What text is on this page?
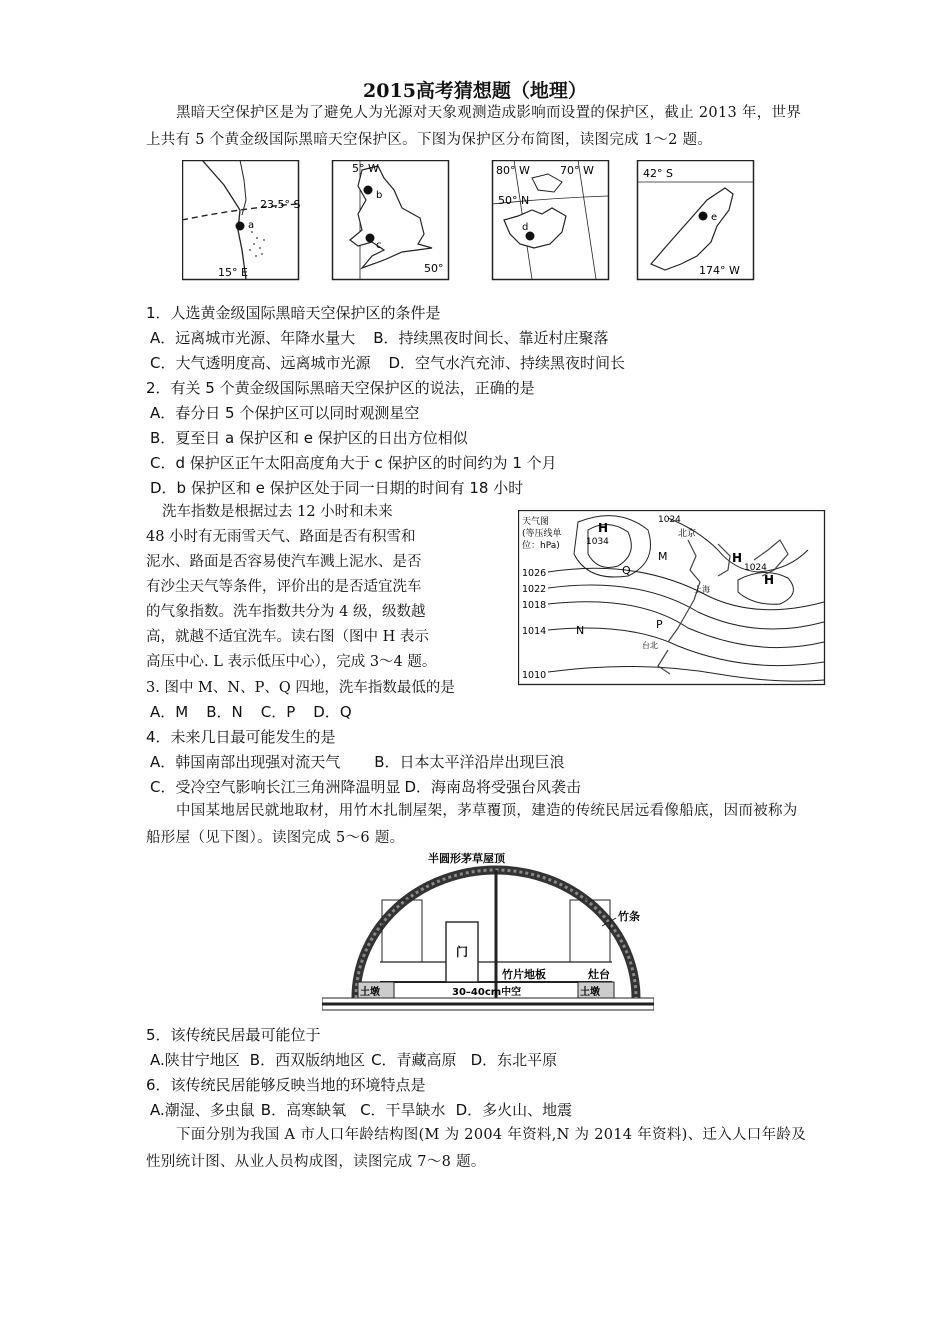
2015高考猜想题（地理）
黑暗天空保护区是为了避免人为光源对天象观测造成影响而设置的保护区，截止 2013 年，世界上共有 5 个黄金级国际黑暗天空保护区。下图为保护区分布简图，读图完成 1～2 题。
23.5° S
a
15° E
5° W
b
c
50°
80° W	70° W
50° N
d
42° S
e
174° W
1．人选黄金级国际黑暗天空保护区的条件是
A．远离城市光源、年降水量大 B．持续黑夜时间长、靠近村庄聚落
C．大气透明度高、远离城市光源 D．空气水汽充沛、持续黑夜时间长
2．有关 5 个黄金级国际黑暗天空保护区的说法，正确的是
A．春分日 5 个保护区可以同时观测星空
B．夏至日 a 保护区和 e 保护区的日出方位相似
C．d 保护区正午太阳高度角大于 c 保护区的时间约为 1 个月
D．b 保护区和 e 保护区处于同一日期的时间有 18 小时
洗车指数是根据过去 12 小时和未来
48 小时有无雨雪天气、路面是否有积雪和
泥水、路面是否容易使汽车溅上泥水、是否
有沙尘天气等条件，评价出的是否适宜洗车
的气象指数。洗车指数共分为 4 级，级数越
高，就越不适宜洗车。读右图（图中 H 表示
高压中心. L 表示低压中心），完成 3～4 题。
天气图
(等压线单
位：hPa)
1026
1022
1018
1014
1010
1034
1024
1024
北京
H
H
H
M
N	P
Q
上海
台北
3. 图中 M、N、P、Q 四地，洗车指数最低的是
A．M B．N C．P D．Q
4．未来几日最可能发生的是
A．韩国南部出现强对流天气 B．日本太平洋沿岸出现巨浪
C．受冷空气影响长江三角洲降温明显 D．海南岛将受强台风袭击
中国某地居民就地取材，用竹木扎制屋架，茅草覆顶，建造的传统民居远看像船底，因而被称为船形屋（见下图）。读图完成 5～6 题。
半圆形茅草屋顶
竹条
门
竹片地板	灶台
土墩	土墩
30–40cm中空
5．该传统民居最可能位于
A.陕甘宁地区 B．西双版纳地区 C．青藏高原 D．东北平原
6．该传统民居能够反映当地的环境特点是
A.潮湿、多虫鼠 B．高寒缺氧 C．干旱缺水 D．多火山、地震
下面分别为我国 A 市人口年龄结构图(M 为 2004 年资料,N 为 2014 年资料)、迁入人口年龄及性别统计图、从业人员构成图，读图完成 7～8 题。
